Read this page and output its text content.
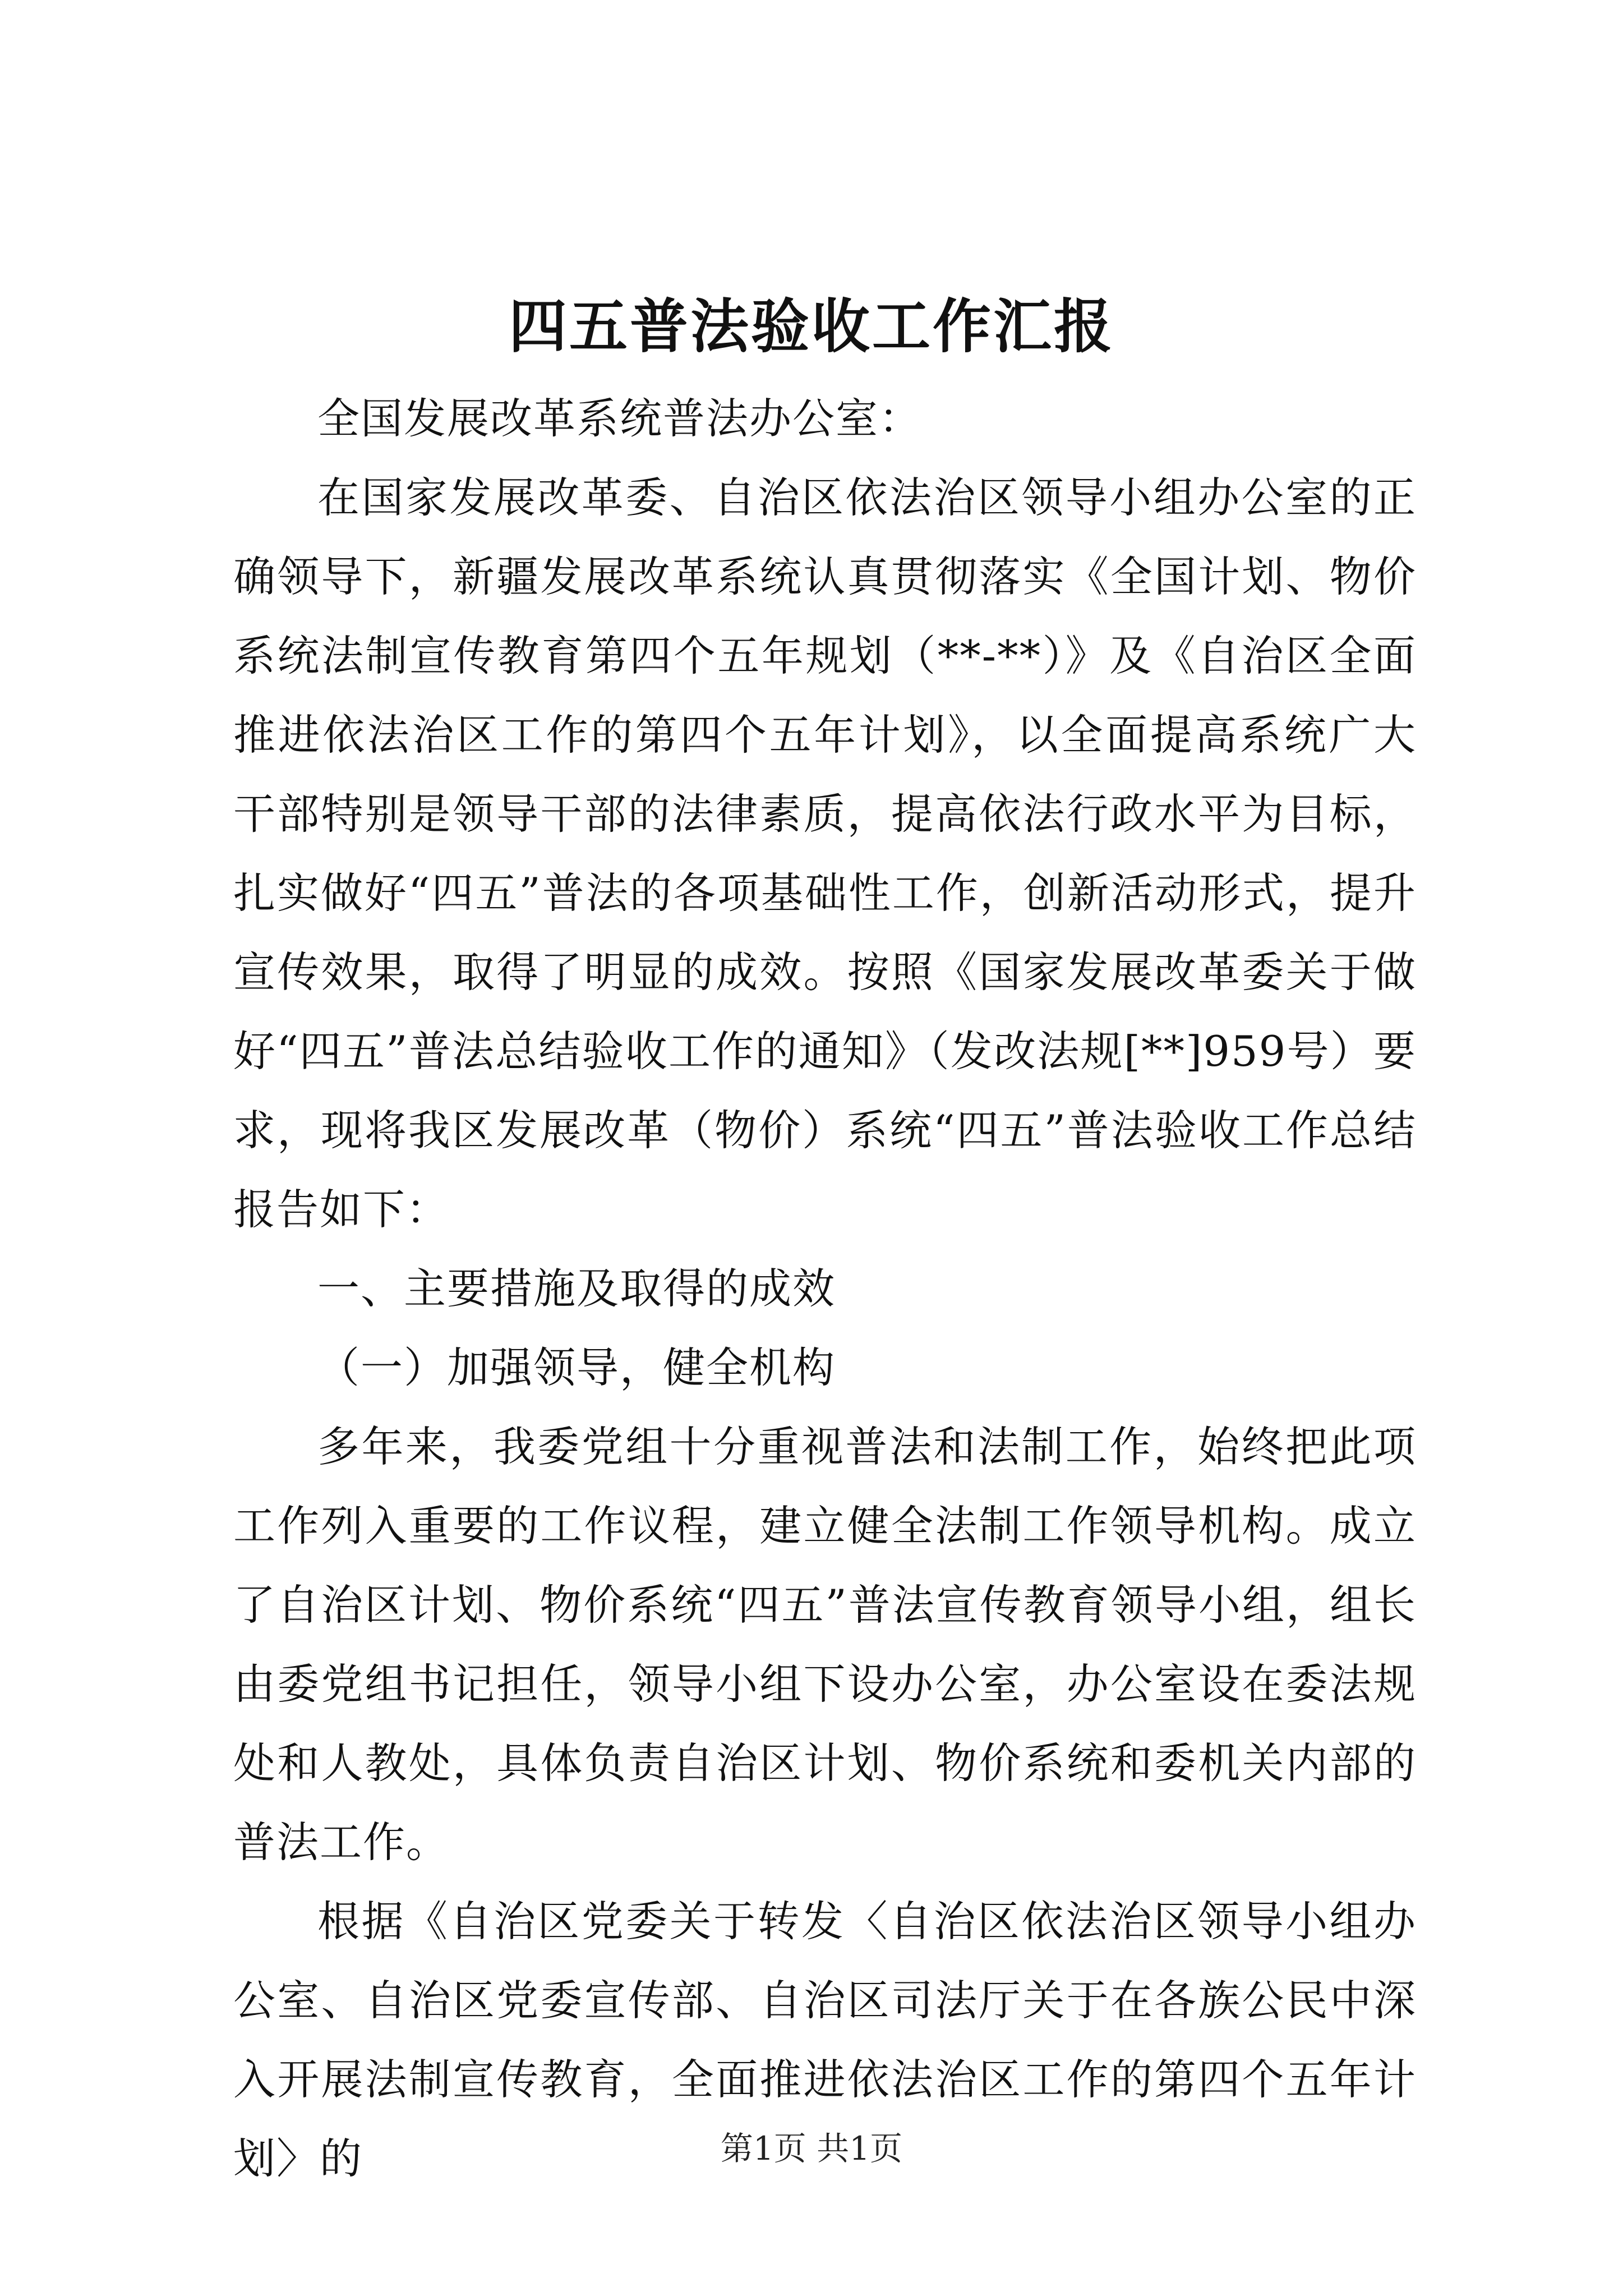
四五普法验收工作汇报

全国发展改革系统普法办公室：

在国家发展改革委、自治区依法治区领导小组办公室的正确领导下，新疆发展改革系统认真贯彻落实《全国计划、物价系统法制宣传教育第四个五年规划（**-**）》及《自治区全面推进依法治区工作的第四个五年计划》，以全面提高系统广大干部特别是领导干部的法律素质，提高依法行政水平为目标，扎实做好“四五”普法的各项基础性工作，创新活动形式，提升宣传效果，取得了明显的成效。按照《国家发展改革委关于做好“四五”普法总结验收工作的通知》（发改法规[**]959号）要求，现将我区发展改革（物价）系统“四五”普法验收工作总结报告如下：

一、主要措施及取得的成效

（一）加强领导，健全机构

多年来，我委党组十分重视普法和法制工作，始终把此项工作列入重要的工作议程，建立健全法制工作领导机构。成立了自治区计划、物价系统“四五”普法宣传教育领导小组，组长由委党组书记担任，领导小组下设办公室，办公室设在委法规处和人教处，具体负责自治区计划、物价系统和委机关内部的普法工作。

根据《自治区党委关于转发〈自治区依法治区领导小组办公室、自治区党委宣传部、自治区司法厅关于在各族公民中深入开展法制宣传教育，全面推进依法治区工作的第四个五年计划〉的	第1页 共1页
